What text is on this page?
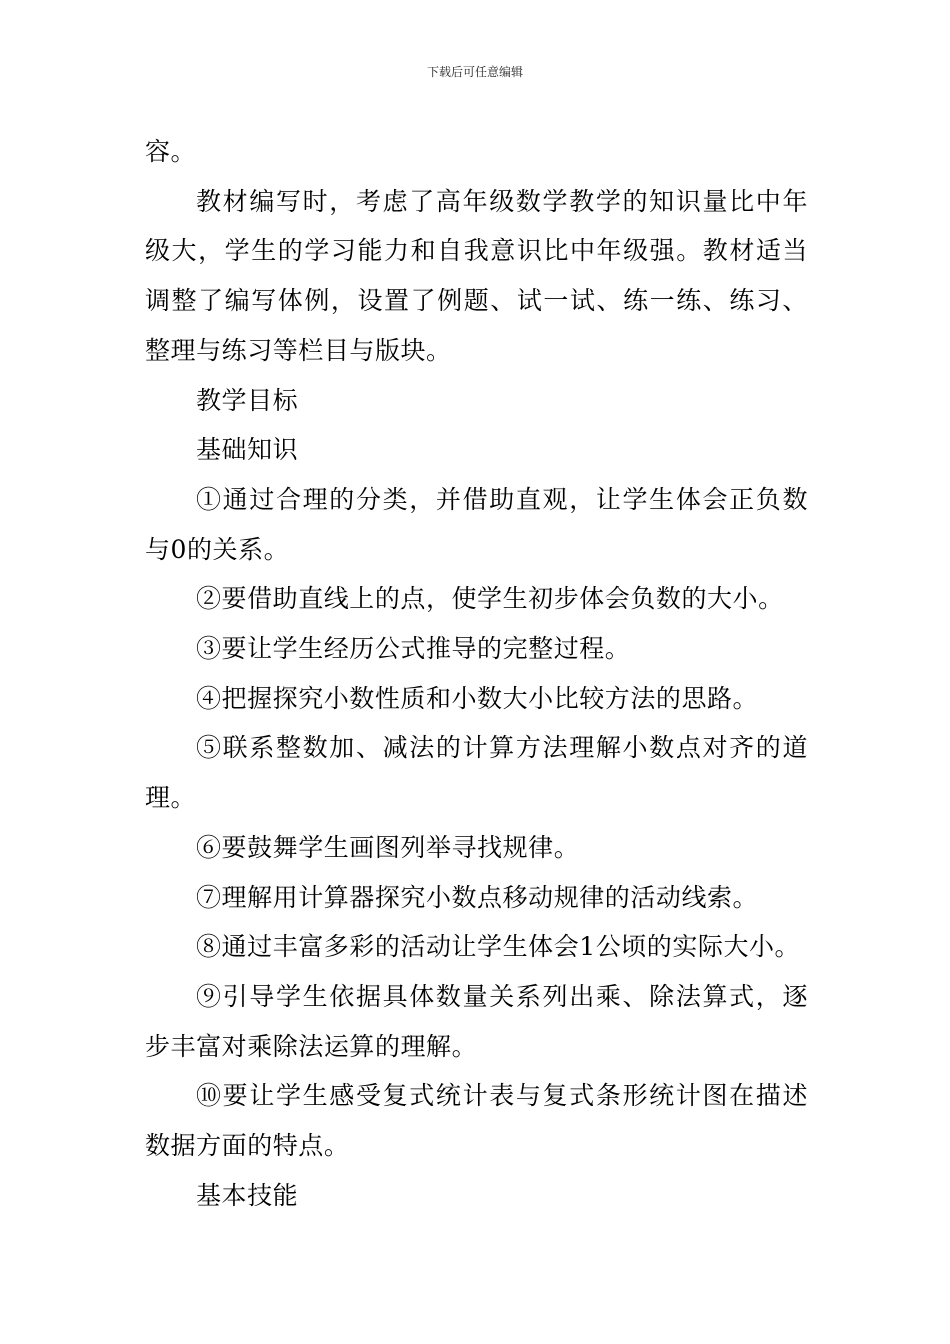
下载后可任意编辑

容。

教材编写时，考虑了高年级数学教学的知识量比中年级大，学生的学习能力和自我意识比中年级强。教材适当调整了编写体例，设置了例题、试一试、练一练、练习、整理与练习等栏目与版块。

教学目标

基础知识

①通过合理的分类，并借助直观，让学生体会正负数与0的关系。

②要借助直线上的点，使学生初步体会负数的大小。

③要让学生经历公式推导的完整过程。

④把握探究小数性质和小数大小比较方法的思路。

⑤联系整数加、减法的计算方法理解小数点对齐的道理。

⑥要鼓舞学生画图列举寻找规律。

⑦理解用计算器探究小数点移动规律的活动线索。

⑧通过丰富多彩的活动让学生体会1公顷的实际大小。

⑨引导学生依据具体数量关系列出乘、除法算式，逐步丰富对乘除法运算的理解。

⑩要让学生感受复式统计表与复式条形统计图在描述数据方面的特点。

基本技能
